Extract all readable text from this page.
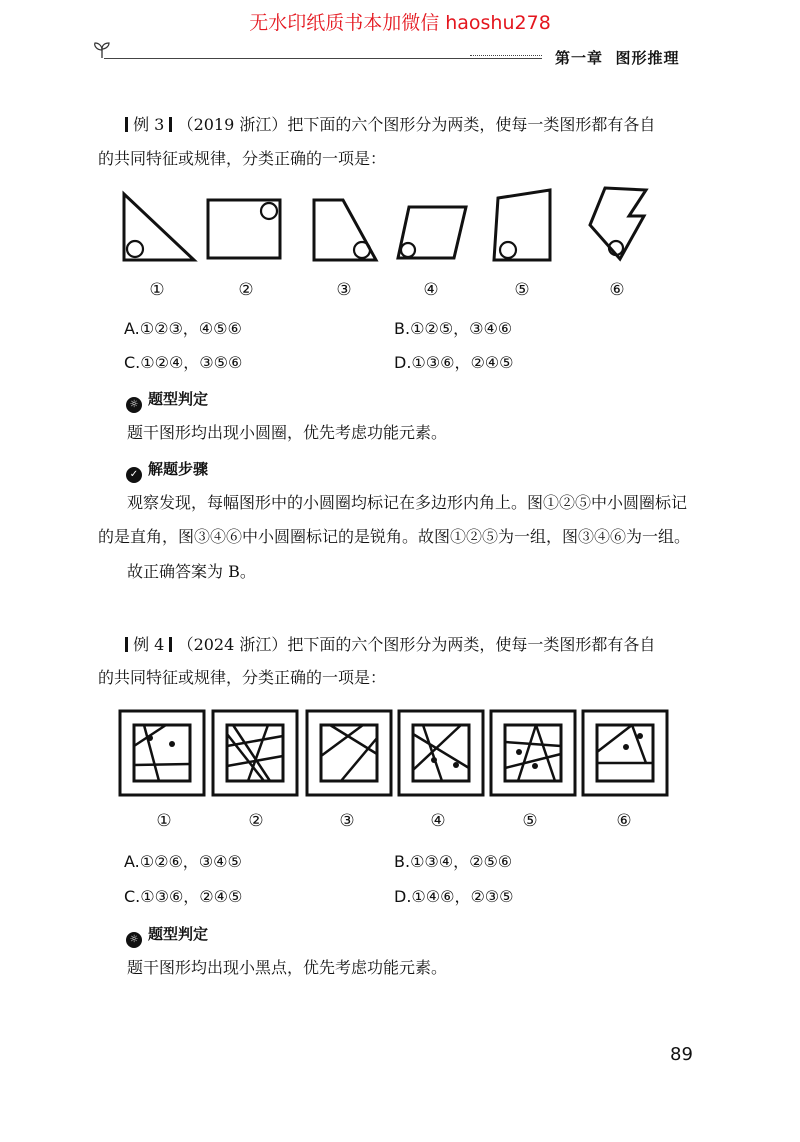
无水印纸质书本加微信 haoshu278
第一章 图形推理
例 3 （2019 浙江）把下面的六个图形分为两类，使每一类图形都有各自
的共同特征或规律，分类正确的一项是：
①	②	③	④	⑤	⑥
A.①②③，④⑤⑥	B.①②⑤，③④⑥
C.①②④，③⑤⑥	D.①③⑥，②④⑤
☼ 题型判定
题干图形均出现小圆圈，优先考虑功能元素。
✓ 解题步骤
观察发现，每幅图形中的小圆圈均标记在多边形内角上。图①②⑤中小圆圈标记
的是直角，图③④⑥中小圆圈标记的是锐角。故图①②⑤为一组，图③④⑥为一组。
故正确答案为 B。
例 4 （2024 浙江）把下面的六个图形分为两类，使每一类图形都有各自
的共同特征或规律，分类正确的一项是：
①	②	③	④	⑤	⑥
A.①②⑥，③④⑤	B.①③④，②⑤⑥
C.①③⑥，②④⑤	D.①④⑥，②③⑤
☼ 题型判定
题干图形均出现小黑点，优先考虑功能元素。
89
